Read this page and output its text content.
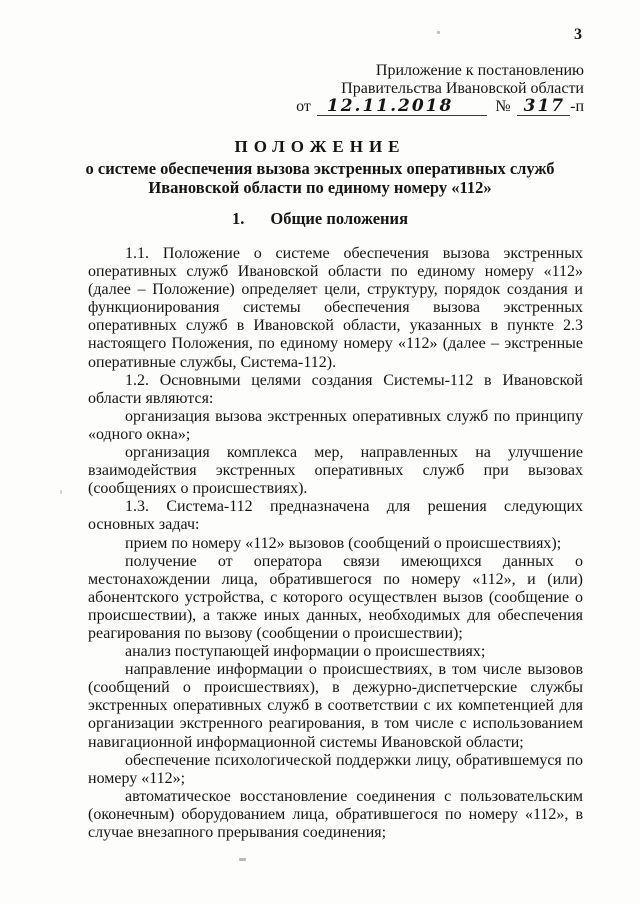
3
Приложение к постановлению
Правительства Ивановской области
от 12.11.2018	№ 317 -п
ПОЛОЖЕНИЕ
о системе обеспечения вызова экстренных оперативных служб
Ивановской области по единому номеру «112»
1. Общие положения

1.1. Положение о системе обеспечения вызова экстренных оперативных служб Ивановской области по единому номеру «112» (далее – Положение) определяет цели, структуру, порядок создания и функционирования системы обеспечения вызова экстренных оперативных служб в Ивановской области, указанных в пункте 2.3 настоящего Положения, по единому номеру «112» (далее – экстренные оперативные службы, Система-112).

1.2. Основными целями создания Системы-112 в Ивановской области являются:

организация вызова экстренных оперативных служб по принципу «одного окна»;

организация комплекса мер, направленных на улучшение взаимодействия экстренных оперативных служб при вызовах (сообщениях о происшествиях).

1.3. Система-112 предназначена для решения следующих основных задач:

прием по номеру «112» вызовов (сообщений о происшествиях);

получение от оператора связи имеющихся данных о местонахождении лица, обратившегося по номеру «112», и (или) абонентского устройства, с которого осуществлен вызов (сообщение о происшествии), а также иных данных, необходимых для обеспечения реагирования по вызову (сообщении о происшествии);

анализ поступающей информации о происшествиях;

направление информации о происшествиях, в том числе вызовов (сообщений о происшествиях), в дежурно-диспетчерские службы экстренных оперативных служб в соответствии с их компетенцией для организации экстренного реагирования, в том числе с использованием навигационной информационной системы Ивановской области;

обеспечение психологической поддержки лицу, обратившемуся по номеру «112»;

автоматическое восстановление соединения с пользовательским (оконечным) оборудованием лица, обратившегося по номеру «112», в случае внезапного прерывания соединения;
